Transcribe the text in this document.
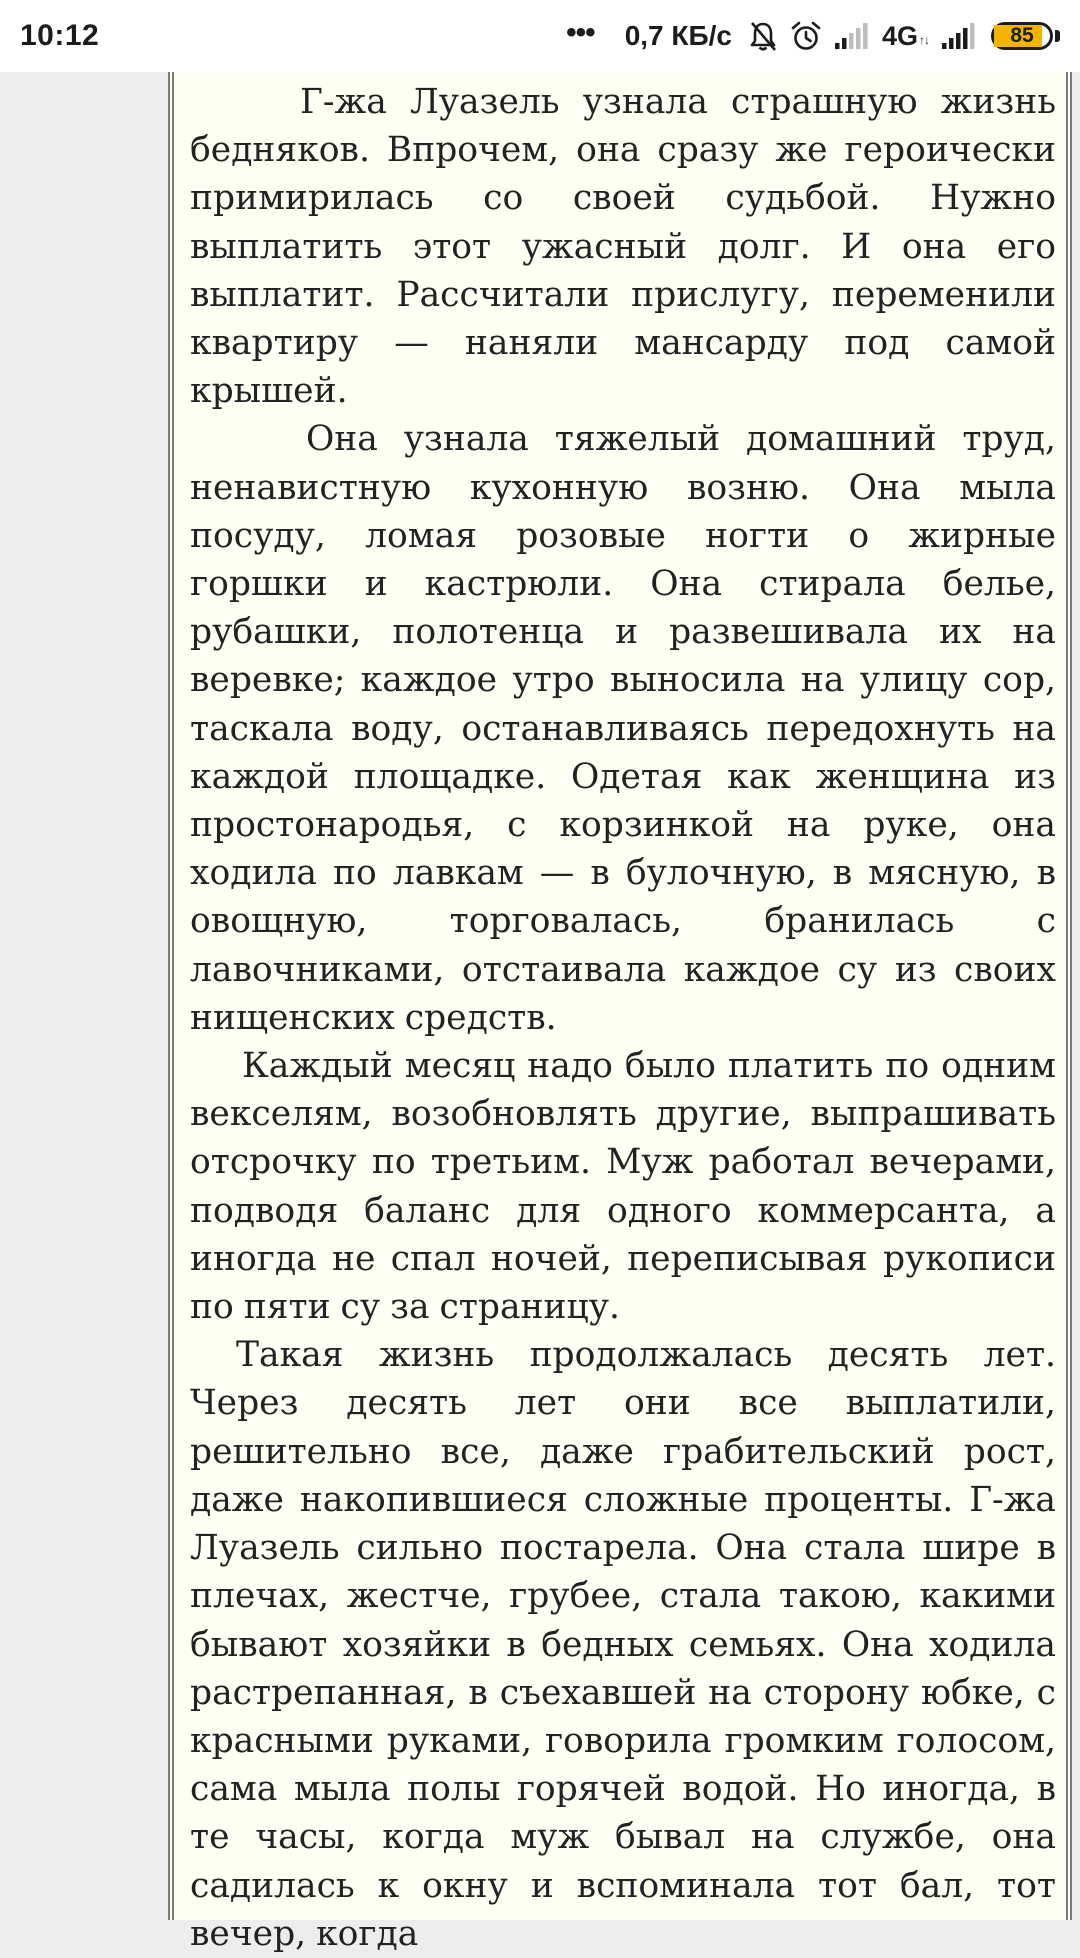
10:12	••• 0,7 КБ/с	4G ↑↓	85

Г-жа Луазель узнала страшную жизнь бедняков. Впрочем, она сразу же героически примирилась со своей судьбой. Нужно выплатить этот ужасный долг. И она его выплатит. Рассчитали прислугу, переменили квартиру — наняли мансарду под самой крышей.

Она узнала тяжелый домашний труд, ненавистную кухонную возню. Она мыла посуду, ломая розовые ногти о жирные горшки и кастрюли. Она стирала белье, рубашки, полотенца и развешивала их на веревке; каждое утро выносила на улицу сор, таскала воду, останавливаясь передохнуть на каждой площадке. Одетая как женщина из простонародья, с корзинкой на руке, она ходила по лавкам — в булочную, в мясную, в овощную, торговалась, бранилась с лавочниками, отстаивала каждое су из своих нищенских средств.

Каждый месяц надо было платить по одним векселям, возобновлять другие, выпрашивать отсрочку по третьим. Муж работал вечерами, подводя баланс для одного коммерсанта, а иногда не спал ночей, переписывая рукописи по пяти су за страницу.

Такая жизнь продолжалась десять лет. Через десять лет они все выплатили, решительно все, даже грабительский рост, даже накопившиеся сложные проценты. Г-жа Луазель сильно постарела. Она стала шире в плечах, жестче, грубее, стала такою, какими бывают хозяйки в бедных семьях. Она ходила растрепанная, в съехавшей на сторону юбке, с красными руками, говорила громким голосом, сама мыла полы горячей водой. Но иногда, в те часы, когда муж бывал на службе, она садилась к окну и вспоминала тот бал, тот вечер, когда
